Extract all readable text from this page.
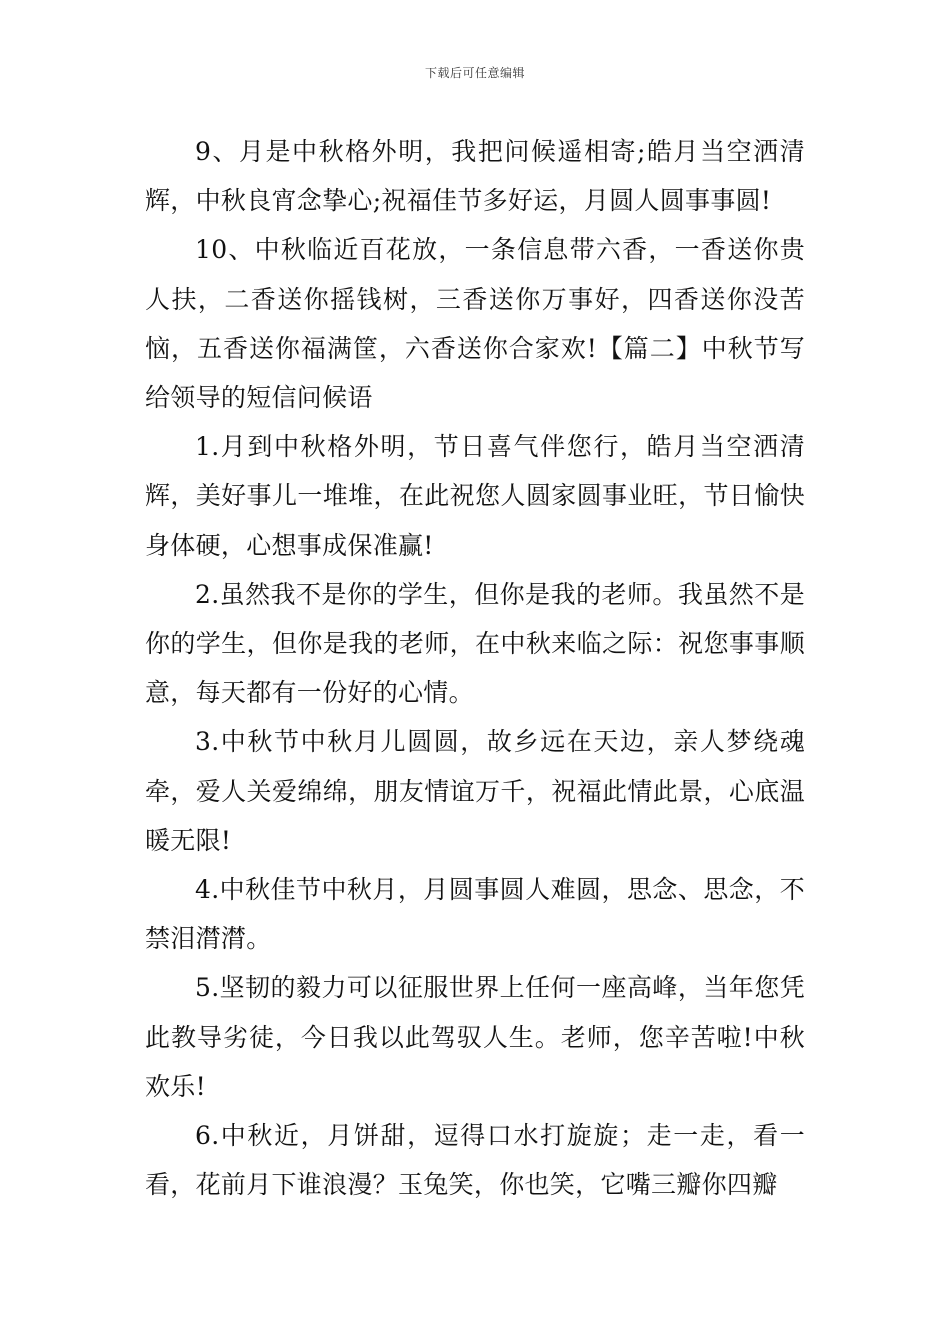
下载后可任意编辑

9、月是中秋格外明，我把问候遥相寄;皓月当空洒清辉，中秋良宵念挚心;祝福佳节多好运，月圆人圆事事圆!

10、中秋临近百花放，一条信息带六香，一香送你贵人扶，二香送你摇钱树，三香送你万事好，四香送你没苦恼，五香送你福满筐，六香送你合家欢!【篇二】中秋节写给领导的短信问候语

1.月到中秋格外明，节日喜气伴您行，皓月当空洒清辉，美好事儿一堆堆，在此祝您人圆家圆事业旺，节日愉快身体硬，心想事成保准赢!

2.虽然我不是你的学生，但你是我的老师。我虽然不是你的学生，但你是我的老师，在中秋来临之际：祝您事事顺意，每天都有一份好的心情。

3.中秋节中秋月儿圆圆，故乡远在天边，亲人梦绕魂牵，爱人关爱绵绵，朋友情谊万千，祝福此情此景，心底温暖无限!

4.中秋佳节中秋月，月圆事圆人难圆，思念、思念，不禁泪潸潸。

5.坚韧的毅力可以征服世界上任何一座高峰，当年您凭此教导劣徒，今日我以此驾驭人生。老师，您辛苦啦!中秋欢乐!

6.中秋近，月饼甜，逗得口水打旋旋；走一走，看一看，花前月下谁浪漫？玉兔笑，你也笑，它嘴三瓣你四瓣
